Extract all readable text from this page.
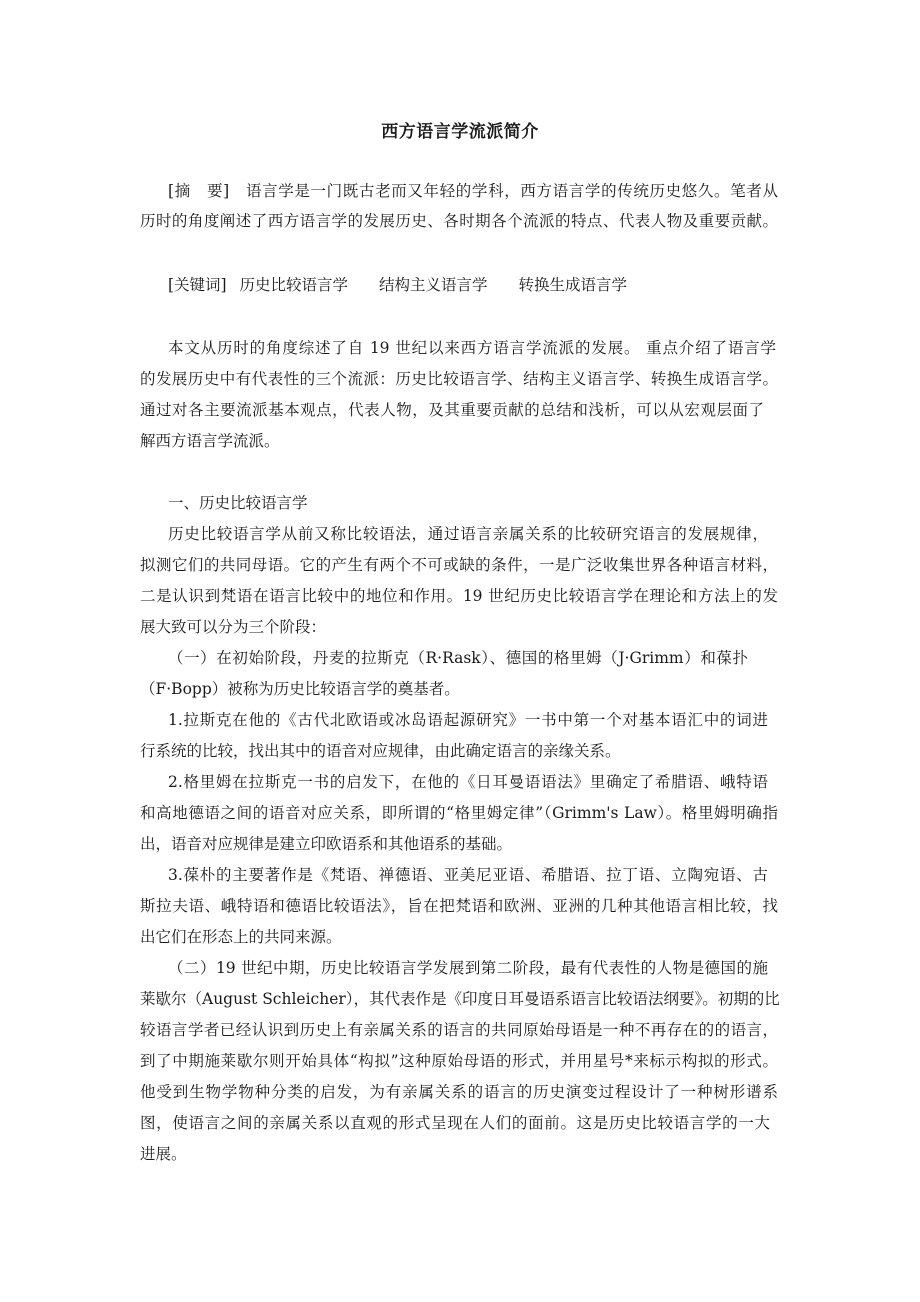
西方语言学流派简介
[摘　要]　语言学是一门既古老而又年轻的学科，西方语言学的传统历史悠久。笔者从
历时的角度阐述了西方语言学的发展历史、各时期各个流派的特点、代表人物及重要贡献。
[关键词] 历史比较语言学 结构主义语言学 转换生成语言学
本文从历时的角度综述了自 19 世纪以来西方语言学流派的发展。 重点介绍了语言学
的发展历史中有代表性的三个流派：历史比较语言学、结构主义语言学、转换生成语言学。
通过对各主要流派基本观点，代表人物，及其重要贡献的总结和浅析，可以从宏观层面了
解西方语言学流派。
一、历史比较语言学
历史比较语言学从前又称比较语法，通过语言亲属关系的比较研究语言的发展规律，
拟测它们的共同母语。它的产生有两个不可或缺的条件，一是广泛收集世界各种语言材料，
二是认识到梵语在语言比较中的地位和作用。19 世纪历史比较语言学在理论和方法上的发
展大致可以分为三个阶段：
（一）在初始阶段，丹麦的拉斯克（R·Rask）、德国的格里姆（J·Grimm）和葆扑
（F·Bopp）被称为历史比较语言学的奠基者。
1.拉斯克在他的《古代北欧语或冰岛语起源研究》一书中第一个对基本语汇中的词进
行系统的比较，找出其中的语音对应规律，由此确定语言的亲缘关系。
2.格里姆在拉斯克一书的启发下，在他的《日耳曼语语法》里确定了希腊语、峨特语
和高地德语之间的语音对应关系，即所谓的“格里姆定律”（Grimm's Law）。格里姆明确指
出，语音对应规律是建立印欧语系和其他语系的基础。
3.葆朴的主要著作是《梵语、禅德语、亚美尼亚语、希腊语、拉丁语、立陶宛语、古
斯拉夫语、峨特语和德语比较语法》，旨在把梵语和欧洲、亚洲的几种其他语言相比较，找
出它们在形态上的共同来源。
（二）19 世纪中期，历史比较语言学发展到第二阶段，最有代表性的人物是德国的施
莱歇尔（August Schleicher），其代表作是《印度日耳曼语系语言比较语法纲要》。初期的比
较语言学者已经认识到历史上有亲属关系的语言的共同原始母语是一种不再存在的的语言，
到了中期施莱歇尔则开始具体“构拟”这种原始母语的形式，并用星号*来标示构拟的形式。
他受到生物学物种分类的启发，为有亲属关系的语言的历史演变过程设计了一种树形谱系
图，使语言之间的亲属关系以直观的形式呈现在人们的面前。这是历史比较语言学的一大
进展。
